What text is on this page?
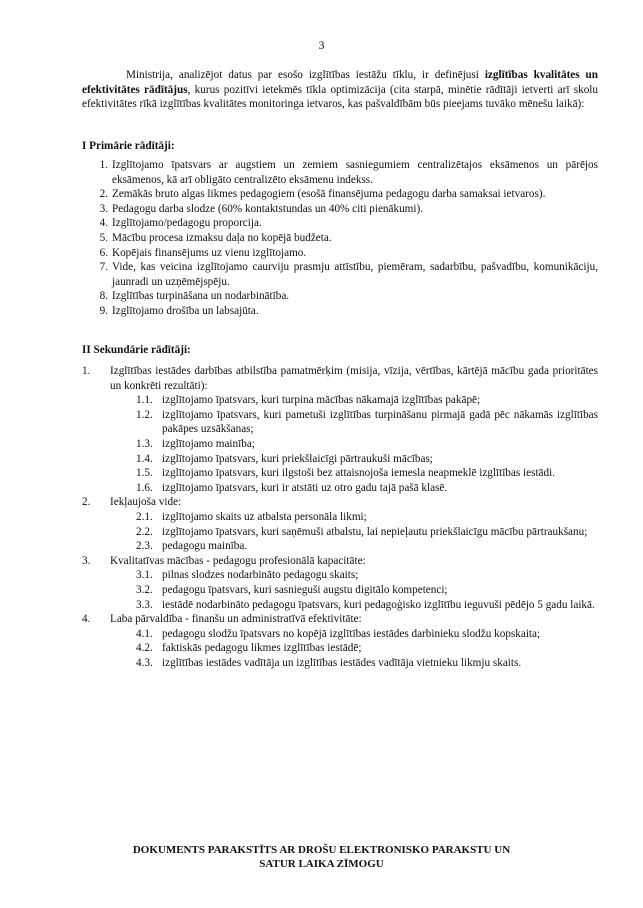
3

Ministrija, analizējot datus par esošo izglītības iestāžu tīklu, ir definējusi izglītības kvalitātes un efektivitātes rādītājus, kurus pozitīvi ietekmēs tīkla optimizācija (cita starpā, minētie rādītāji ietverti arī skolu efektivitātes rīkā izglītības kvalitātes monitoringa ietvaros, kas pašvaldībām būs pieejams tuvāko mēnešu laikā):

I Primārie rādītāji:
1. Izglītojamo īpatsvars ar augstiem un zemiem sasniegumiem centralizētajos eksāmenos un pārējos eksāmenos, kā arī obligāto centralizēto eksāmenu indekss.
2. Zemākās bruto algas likmes pedagogiem (esošā finansējuma pedagogu darba samaksai ietvaros).
3. Pedagogu darba slodze (60% kontaktstundas un 40% citi pienākumi).
4. Izglītojamo/pedagogu proporcija.
5. Mācību procesa izmaksu daļa no kopējā budžeta.
6. Kopējais finansējums uz vienu izglītojamo.
7. Vide, kas veicina izglītojamo caurviju prasmju attīstību, piemēram, sadarbību, pašvadību, komunikāciju, jaunradi un uzņēmējspēju.
8. Izglītības turpināšana un nodarbinātība.
9. Izglītojamo drošība un labsajūta.
II Sekundārie rādītāji:
1.	Izglītības iestādes darbības atbilstība pamatmērķim (misija, vīzija, vērtības, kārtējā mācību gada prioritātes un konkrēti rezultāti):
1.1. izglītojamo īpatsvars, kuri turpina mācības nākamajā izglītības pakāpē;
1.2. izglītojamo īpatsvars, kuri pametuši izglītības turpināšanu pirmajā gadā pēc nākamās izglītības pakāpes uzsākšanas;
1.3. izglītojamo mainība;
1.4. izglītojamo īpatsvars, kuri priekšlaicīgi pārtraukuši mācības;
1.5. izglītojamo īpatsvars, kuri ilgstoši bez attaisnojoša iemesla neapmeklē izglītības iestādi.
1.6. izglītojamo īpatsvars, kuri ir atstāti uz otro gadu tajā pašā klasē.
2.	Iekļaujoša vide:
2.1. izglītojamo skaits uz atbalsta personāla likmi;
2.2. izglītojamo īpatsvars, kuri saņēmuši atbalstu, lai nepieļautu priekšlaicīgu mācību pārtraukšanu;
2.3. pedagogu mainība.
3.	Kvalitatīvas mācības - pedagogu profesionālā kapacitāte:
3.1. pilnas slodzes nodarbināto pedagogu skaits;
3.2. pedagogu īpatsvars, kuri sasnieguši augstu digitālo kompetenci;
3.3. iestādē nodarbināto pedagogu īpatsvars, kuri pedagoģisko izglītību ieguvuši pēdējo 5 gadu laikā.
4.	Laba pārvaldība - finanšu un administratīvā efektivitāte:
4.1. pedagogu slodžu īpatsvars no kopējā izglītības iestādes darbinieku slodžu kopskaita;
4.2. faktiskās pedagogu likmes izglītības iestādē;
4.3. izglītības iestādes vadītāja un izglītības iestādes vadītāja vietnieku likmju skaits.
DOKUMENTS PARAKSTĪTS AR DROŠU ELEKTRONISKO PARAKSTU UN
SATUR LAIKA ZĪMOGU
